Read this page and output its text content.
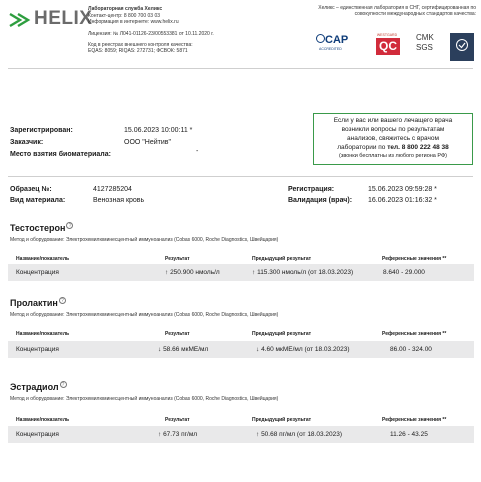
HELIX
Лабораторная служба Хеликс
Контакт-центр: 8 800 700 03 03
Информация в интернете: www.helix.ru
Лицензия: № Л041-01126-23/00553381 от 10.11.2020 г.
Код в реестрах внешнего контроля качества:
EQAS: 8059; RIQAS: 272731; ФСВОК: 5871
Хеликс – единственная лаборатория в СНГ, сертифицированная по совокупности международных стандартов качества:
CAP
ACCREDITED
WESTGARD
QC
CMK
SGS
Зарегистрирован:	15.06.2023 10:00:11 *
Заказчик:	ООО "Нейтив"
Место взятия биоматериала:	-
Если у вас или вашего лечащего врача
возникли вопросы по результатам
анализов, свяжитесь с врачом
лаборатории по тел. 8 800 222 48 38
(звонки бесплатны из любого региона РФ)
Образец №:	4127285204
Вид материала:	Венозная кровь
Регистрация:	15.06.2023 09:59:28 *
Валидация (врач): 16.06.2023 01:16:32 *
Тестостерон ?
Метод и оборудование: Электрохемилюминесцентный иммуноанализ (Cobas 6000, Roche Diagnostics, Швейцария)
Название/показатель	Результат	Предыдущий результат	Референсные значения **
Концентрация	↑ 250.900 нмоль/л	↑ 115.300 нмоль/л (от 18.03.2023)	8.640 - 29.000
Пролактин ?
Метод и оборудование: Электрохемилюминесцентный иммуноанализ (Cobas 6000, Roche Diagnostics, Швейцария)
Название/показатель	Результат	Предыдущий результат	Референсные значения **
Концентрация	↓ 58.66 мкМЕ/мл	↓ 4.60 мкМЕ/мл (от 18.03.2023)	86.00 - 324.00
Эстрадиол ?
Метод и оборудование: Электрохемилюминесцентный иммуноанализ (Cobas 6000, Roche Diagnostics, Швейцария)
Название/показатель	Результат	Предыдущий результат	Референсные значения **
Концентрация	↑ 67.73 пг/мл	↑ 50.68 пг/мл (от 18.03.2023)	11.26 - 43.25
